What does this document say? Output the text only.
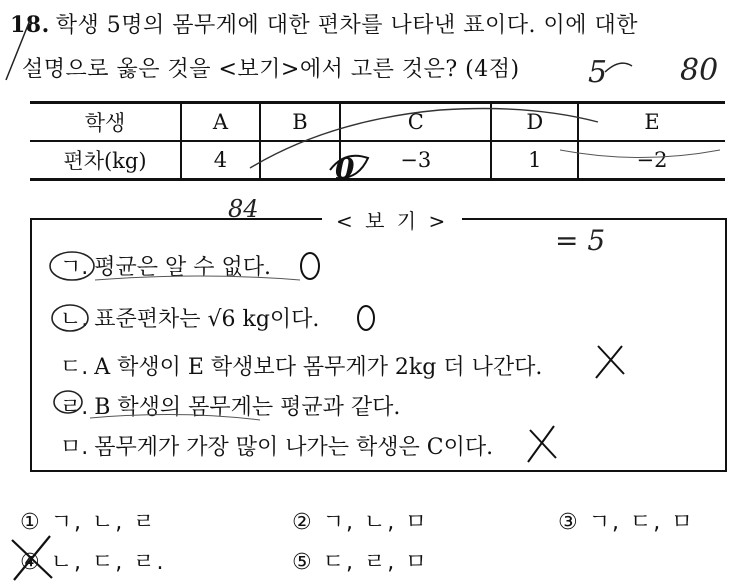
18. 학생 5명의 몸무게에 대한 편차를 나타낸 표이다. 이에 대한
설명으로 옳은 것을 <보기>에서 고른 것은? (4점)
학생	A	B	C	D	E
편차(kg)	4		−3	1	−2
< 보 기 >
ㄱ. 평균은 알 수 없다.
ㄴ. 표준편차는 √6 kg이다.
ㄷ. A 학생이 E 학생보다 몸무게가 2kg 더 나간다.
ㄹ. B 학생의 몸무게는 평균과 같다.
ㅁ. 몸무게가 가장 많이 나가는 학생은 C이다.
① ㄱ, ㄴ, ㄹ	② ㄱ, ㄴ, ㅁ	③ ㄱ, ㄷ, ㅁ
④ ㄴ, ㄷ, ㄹ.	⑤ ㄷ, ㄹ, ㅁ
5 80
0
84
= 5
